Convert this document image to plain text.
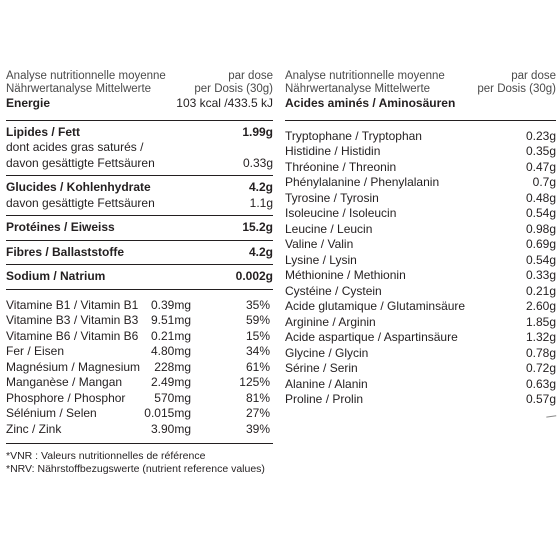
Analyse nutritionnelle moyenne	par dose
Nährwertanalyse Mittelwerte	per Dosis (30g)
Energie	103 kcal /433.5 kJ
Lipides / Fett	1.99g
dont acides gras saturés /
davon gesättigte Fettsäuren	0.33g
Glucides / Kohlenhydrate	4.2g
davon gesättigte Fettsäuren	1.1g
Protéines / Eiweiss	15.2g
Fibres / Ballaststoffe	4.2g
Sodium / Natrium	0.002g
Vitamine B1 / Vitamin B1 0.39mg	35%
Vitamine B3 / Vitamin B3 9.51mg	59%
Vitamine B6 / Vitamin B6 0.21mg	15%
Fer / Eisen	4.80mg	34%
Magnésium / Magnesium 228mg	61%
Manganèse / Mangan 2.49mg	125%
Phosphore / Phosphor 570mg	81%
Sélénium / Selen	0.015mg	27%
Zinc / Zink	3.90mg	39%
Analyse nutritionnelle moyenne	par dose
Nährwertanalyse Mittelwerte	per Dosis (30g)
Acides aminés / Aminosäuren
Tryptophane / Tryptophan	0.23g
Histidine / Histidin	0.35g
Thréonine / Threonin	0.47g
Phénylalanine / Phenylalanin	0.7g
Tyrosine / Tyrosin	0.48g
Isoleucine / Isoleucin	0.54g
Leucine / Leucin	0.98g
Valine / Valin	0.69g
Lysine / Lysin	0.54g
Méthionine / Methionin	0.33g
Cystéine / Cystein	0.21g
Acide glutamique / Glutaminsäure	2.60g
Arginine / Arginin	1.85g
Acide aspartique / Aspartinsäure	1.32g
Glycine / Glycin	0.78g
Sérine / Serin	0.72g
Alanine / Alanin	0.63g
Proline / Prolin	0.57g
*VNR : Valeurs nutritionnelles de référence
*NRV: Nährstoffbezugswerte (nutrient reference values)
